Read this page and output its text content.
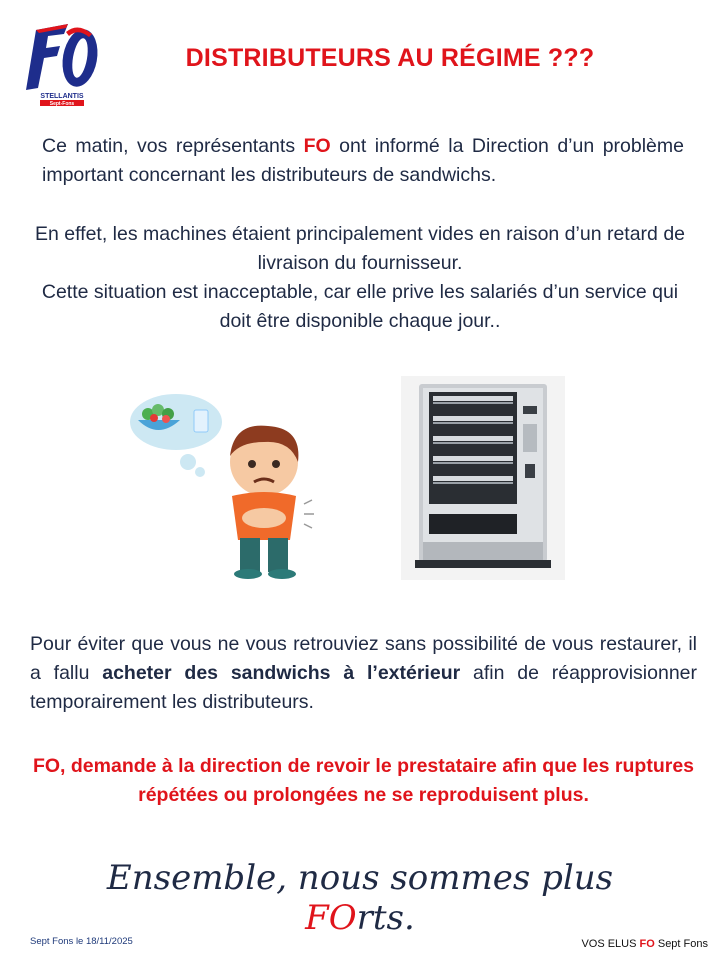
STELLANTIS
Sept-Fons
DISTRIBUTEURS AU RÉGIME ???
Ce matin, vos représentants FO ont informé la Direction d’un problème important concernant les distributeurs de sandwichs.
En effet, les machines étaient principalement vides en raison d’un retard de livraison du fournisseur.
Cette situation est inacceptable, car elle prive les salariés d’un service qui doit être disponible chaque jour..
Pour éviter que vous ne vous retrouviez sans possibilité de vous restaurer, il a fallu acheter des sandwichs à l’extérieur afin de réapprovisionner temporairement les distributeurs.
FO, demande à la direction de revoir le prestataire afin que les ruptures répétées ou prolongées ne se reproduisent plus.
Ensemble, nous sommes plus FOrts.
Sept Fons le 18/11/2025	VOS ELUS FO Sept Fons
